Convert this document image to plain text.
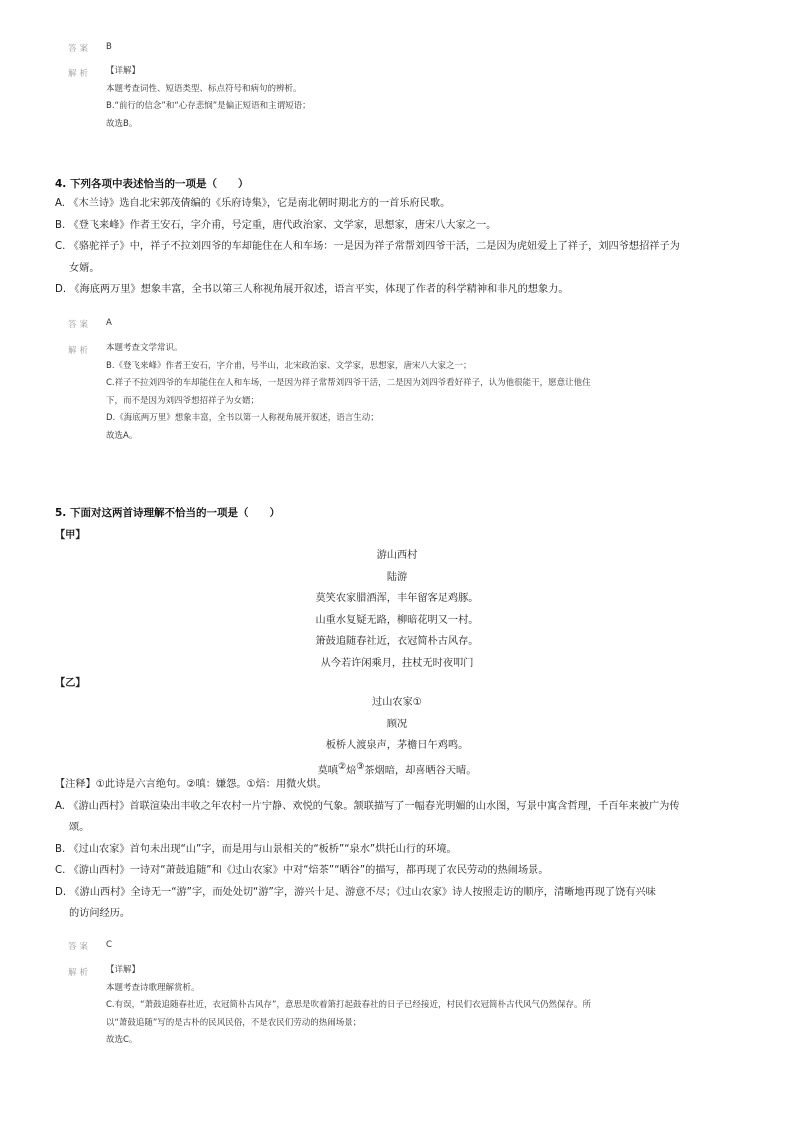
答案 B
解析 【详解】
本题考查词性、短语类型、标点符号和病句的辨析。
B.“前行的信念”和“心存悲悯”是偏正短语和主谓短语；
故选B。
4. 下列各项中表述恰当的一项是（　　）
A. 《木兰诗》选自北宋郭茂倩编的《乐府诗集》，它是南北朝时期北方的一首乐府民歌。
B. 《登飞来峰》作者王安石，字介甫，号定重，唐代政治家、文学家，思想家，唐宋八大家之一。
C. 《骆驼祥子》中，祥子不拉刘四爷的车却能住在人和车场：一是因为祥子常帮刘四爷干活，二是因为虎妞爱上了祥子，刘四爷想招祥子为
女婿。
D. 《海底两万里》想象丰富，全书以第三人称视角展开叙述，语言平实，体现了作者的科学精神和非凡的想象力。
答案 A
解析 本题考查文学常识。
B.《登飞来峰》作者王安石，字介甫，号半山，北宋政治家、文学家，思想家，唐宋八大家之一；
C.祥子不拉刘四爷的车却能住在人和车场，一是因为祥子常帮刘四爷干活，二是因为刘四爷看好祥子，认为他很能干，愿意让他住
下，而不是因为刘四爷想招祥子为女婿；
D.《海底两万里》想象丰富，全书以第一人称视角展开叙述，语言生动；
故选A。
5. 下面对这两首诗理解不恰当的一项是（　　）
【甲】
游山西村
陆游
莫笑农家腊酒浑，丰年留客足鸡豚。
山重水复疑无路，柳暗花明又一村。
箫鼓追随春社近，衣冠简朴古风存。
从今若许闲乘月，拄杖无时夜叩门
【乙】
过山农家①
顾况
板桥人渡泉声，茅檐日午鸡鸣。
莫嗔②焙③茶烟暗，却喜晒谷天晴。
【注释】①此诗是六言绝句。②嗔：嫌怨。①焙：用微火烘。
A. 《游山西村》首联渲染出丰收之年农村一片宁静、欢悦的气象。颔联描写了一幅春光明媚的山水图，写景中寓含哲理，千百年来被广为传
颂。
B. 《过山农家》首句未出现“山”字，而是用与山景相关的“板桥”“泉水”烘托山行的环境。
C. 《游山西村》一诗对“萧鼓追随”和《过山农家》中对“焙茶”“晒谷”的描写，都再现了农民劳动的热闹场景。
D. 《游山西村》全诗无一“游”字，而处处切“游”字，游兴十足、游意不尽；《过山农家》诗人按照走访的顺序，清晰地再现了饶有兴味
的访问经历。
答案 C
解析 【详解】
本题考查诗歌理解赏析。
C.有误，“萧鼓追随春社近，衣冠简朴古风存”，意思是吹着箫打起鼓春社的日子已经接近，村民们衣冠简朴古代风气仍然保存。所
以“萧鼓追随”写的是古朴的民风民俗，不是农民们劳动的热闹场景；
故选C。
